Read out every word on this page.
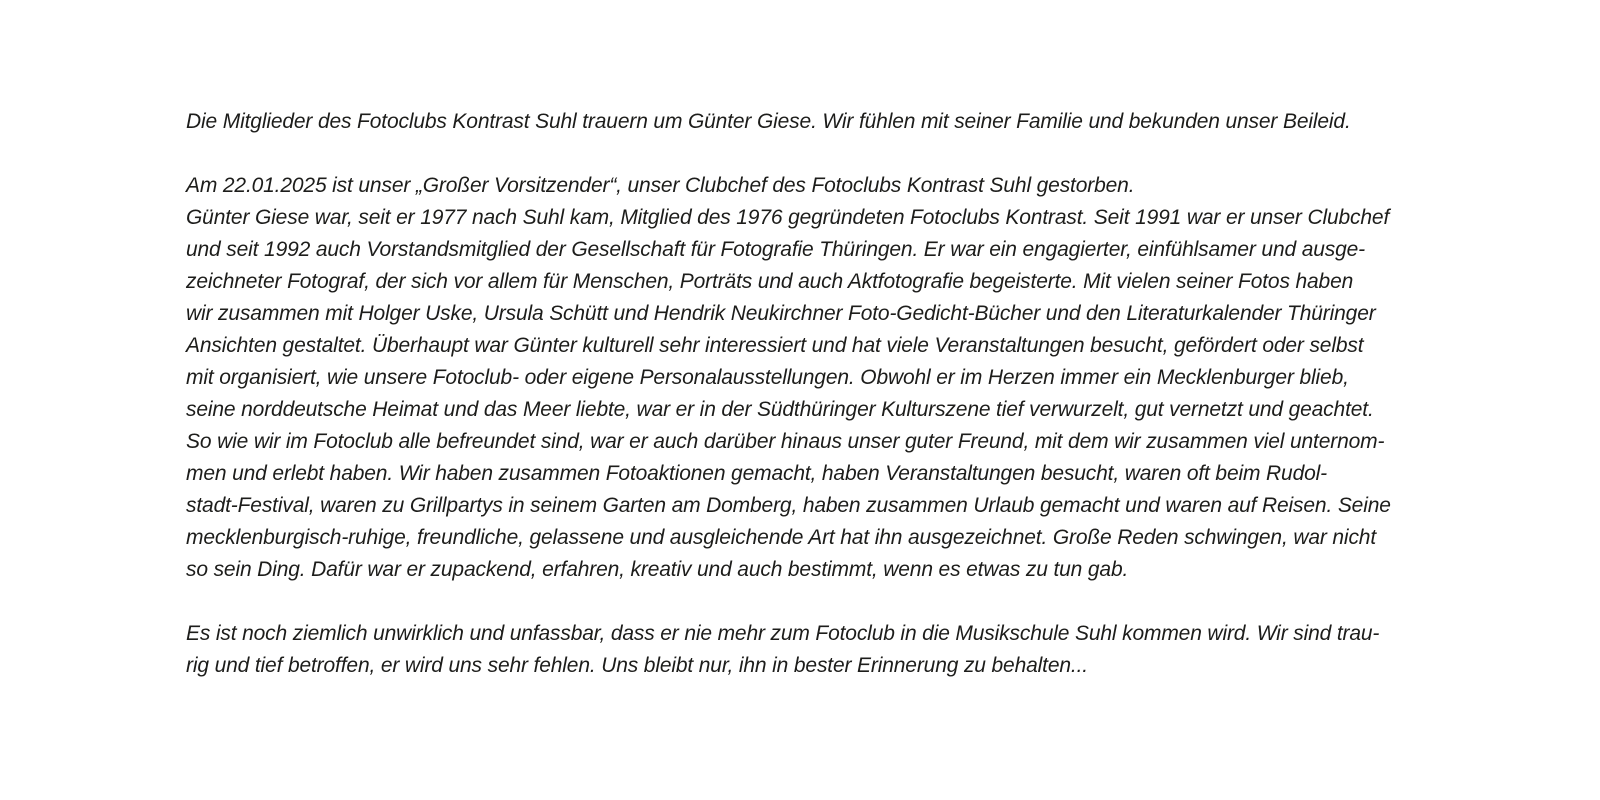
Die Mitglieder des Fotoclubs Kontrast Suhl trauern um Günter Giese. Wir fühlen mit seiner Familie und bekunden unser Beileid.

Am 22.01.2025 ist unser „Großer Vorsitzender“, unser Clubchef des Fotoclubs Kontrast Suhl gestorben.
Günter Giese war, seit er 1977 nach Suhl kam, Mitglied des 1976 gegründeten Fotoclubs Kontrast. Seit 1991 war er unser Clubchef
und seit 1992 auch Vorstandsmitglied der Gesellschaft für Fotografie Thüringen. Er war ein engagierter, einfühlsamer und ausge-
zeichneter Fotograf, der sich vor allem für Menschen, Porträts und auch Aktfotografie begeisterte. Mit vielen seiner Fotos haben
wir zusammen mit Holger Uske, Ursula Schütt und Hendrik Neukirchner Foto-Gedicht-Bücher und den Literaturkalender Thüringer
Ansichten gestaltet. Überhaupt war Günter kulturell sehr interessiert und hat viele Veranstaltungen besucht, gefördert oder selbst
mit organisiert, wie unsere Fotoclub- oder eigene Personalausstellungen. Obwohl er im Herzen immer ein Mecklenburger blieb,
seine norddeutsche Heimat und das Meer liebte, war er in der Südthüringer Kulturszene tief verwurzelt, gut vernetzt und geachtet.
So wie wir im Fotoclub alle befreundet sind, war er auch darüber hinaus unser guter Freund, mit dem wir zusammen viel unternom-
men und erlebt haben. Wir haben zusammen Fotoaktionen gemacht, haben Veranstaltungen besucht, waren oft beim Rudol-
stadt-Festival, waren zu Grillpartys in seinem Garten am Domberg, haben zusammen Urlaub gemacht und waren auf Reisen. Seine
mecklenburgisch-ruhige, freundliche, gelassene und ausgleichende Art hat ihn ausgezeichnet. Große Reden schwingen, war nicht
so sein Ding. Dafür war er zupackend, erfahren, kreativ und auch bestimmt, wenn es etwas zu tun gab.

Es ist noch ziemlich unwirklich und unfassbar, dass er nie mehr zum Fotoclub in die Musikschule Suhl kommen wird. Wir sind trau-
rig und tief betroffen, er wird uns sehr fehlen. Uns bleibt nur, ihn in bester Erinnerung zu behalten...
